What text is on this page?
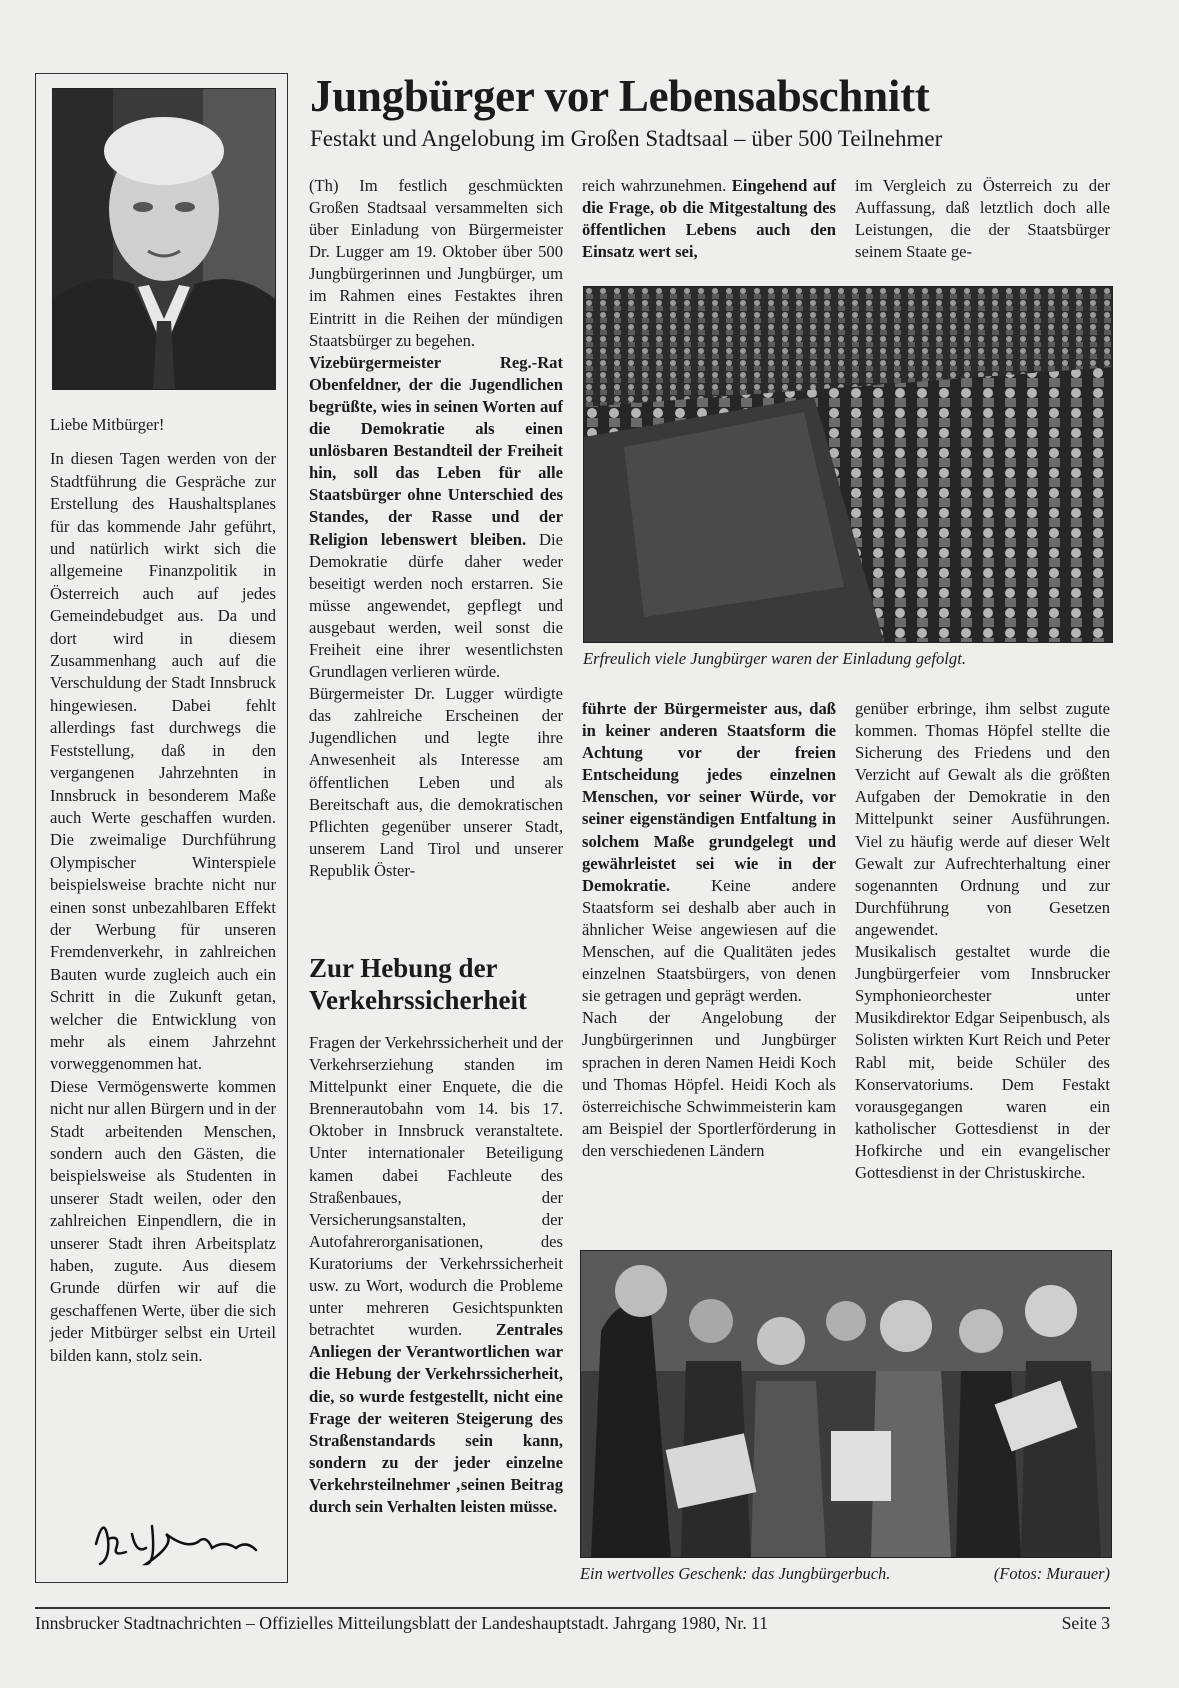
Liebe Mitbürger!

In diesen Tagen werden von der Stadtführung die Gespräche zur Erstellung des Haushaltsplanes für das kommende Jahr geführt, und natürlich wirkt sich die allgemeine Finanzpolitik in Österreich auch auf jedes Gemeindebudget aus. Da und dort wird in diesem Zusammenhang auch auf die Verschuldung der Stadt Innsbruck hingewiesen. Dabei fehlt allerdings fast durchwegs die Feststellung, daß in den vergangenen Jahrzehnten in Innsbruck in besonderem Maße auch Werte geschaffen wurden. Die zweimalige Durchführung Olympischer Winterspiele beispielsweise brachte nicht nur einen sonst unbezahlbaren Effekt der Werbung für unseren Fremdenverkehr, in zahlreichen Bauten wurde zugleich auch ein Schritt in die Zukunft getan, welcher die Entwicklung von mehr als einem Jahrzehnt vorweggenommen hat.

Diese Vermögenswerte kommen nicht nur allen Bürgern und in der Stadt arbeitenden Menschen, sondern auch den Gästen, die beispielsweise als Studenten in unserer Stadt weilen, oder den zahlreichen Einpendlern, die in unserer Stadt ihren Arbeitsplatz haben, zugute. Aus diesem Grunde dürfen wir auf die geschaffenen Werte, über die sich jeder Mitbürger selbst ein Urteil bilden kann, stolz sein.

Jungbürger vor Lebensabschnitt
Festakt und Angelobung im Großen Stadtsaal – über 500 Teilnehmer

(Th) Im festlich geschmückten Großen Stadtsaal versammelten sich über Einladung von Bürgermeister Dr. Lugger am 19. Oktober über 500 Jungbürgerinnen und Jungbürger, um im Rahmen eines Festaktes ihren Eintritt in die Reihen der mündigen Staatsbürger zu begehen.

Vizebürgermeister Reg.-Rat Obenfeldner, der die Jugendlichen begrüßte, wies in seinen Worten auf die Demokratie als einen unlösbaren Bestandteil der Freiheit hin, soll das Leben für alle Staatsbürger ohne Unterschied des Standes, der Rasse und der Religion lebenswert bleiben. Die Demokratie dürfe daher weder beseitigt werden noch erstarren. Sie müsse angewendet, gepflegt und ausgebaut werden, weil sonst die Freiheit eine ihrer wesentlichsten Grundlagen verlieren würde.

Bürgermeister Dr. Lugger würdigte das zahlreiche Erscheinen der Jugendlichen und legte ihre Anwesenheit als Interesse am öffentlichen Leben und als Bereitschaft aus, die demokratischen Pflichten gegenüber unserer Stadt, unserem Land Tirol und unserer Republik Öster-

reich wahrzunehmen. Eingehend auf die Frage, ob die Mitgestaltung des öffentlichen Lebens auch den Einsatz wert sei,

im Vergleich zu Österreich zu der Auffassung, daß letztlich doch alle Leistungen, die der Staatsbürger seinem Staate ge-

Erfreulich viele Jungbürger waren der Einladung gefolgt.

führte der Bürgermeister aus, daß in keiner anderen Staatsform die Achtung vor der freien Entscheidung jedes einzelnen Menschen, vor seiner Würde, vor seiner eigenständigen Entfaltung in solchem Maße grundgelegt und gewährleistet sei wie in der Demokratie. Keine andere Staatsform sei deshalb aber auch in ähnlicher Weise angewiesen auf die Menschen, auf die Qualitäten jedes einzelnen Staatsbürgers, von denen sie getragen und geprägt werden.

Nach der Angelobung der Jungbürgerinnen und Jungbürger sprachen in deren Namen Heidi Koch und Thomas Höpfel. Heidi Koch als österreichische Schwimmeisterin kam am Beispiel der Sportlerförderung in den verschiedenen Ländern

genüber erbringe, ihm selbst zugute kommen. Thomas Höpfel stellte die Sicherung des Friedens und den Verzicht auf Gewalt als die größten Aufgaben der Demokratie in den Mittelpunkt seiner Ausführungen. Viel zu häufig werde auf dieser Welt Gewalt zur Aufrechterhaltung einer sogenannten Ordnung und zur Durchführung von Gesetzen angewendet.

Musikalisch gestaltet wurde die Jungbürgerfeier vom Innsbrucker Symphonieorchester unter Musikdirektor Edgar Seipenbusch, als Solisten wirkten Kurt Reich und Peter Rabl mit, beide Schüler des Konservatoriums. Dem Festakt vorausgegangen waren ein katholischer Gottesdienst in der Hofkirche und ein evangelischer Gottesdienst in der Christuskirche.

Zur Hebung der Verkehrssicherheit

Fragen der Verkehrssicherheit und der Verkehrserziehung standen im Mittelpunkt einer Enquete, die die Brennerautobahn vom 14. bis 17. Oktober in Innsbruck veranstaltete. Unter internationaler Beteiligung kamen dabei Fachleute des Straßenbaues, der Versicherungsanstalten, der Autofahrerorganisationen, des Kuratoriums der Verkehrssicherheit usw. zu Wort, wodurch die Probleme unter mehreren Gesichtspunkten betrachtet wurden. Zentrales Anliegen der Verantwortlichen war die Hebung der Verkehrssicherheit, die, so wurde festgestellt, nicht eine Frage der weiteren Steigerung des Straßenstandards sein kann, sondern zu der jeder einzelne Verkehrsteilnehmer ‚seinen Beitrag durch sein Verhalten leisten müsse.

Ein wertvolles Geschenk: das Jungbürgerbuch.	(Fotos: Murauer)
Innsbrucker Stadtnachrichten – Offizielles Mitteilungsblatt der Landeshauptstadt. Jahrgang 1980, Nr. 11	Seite 3
